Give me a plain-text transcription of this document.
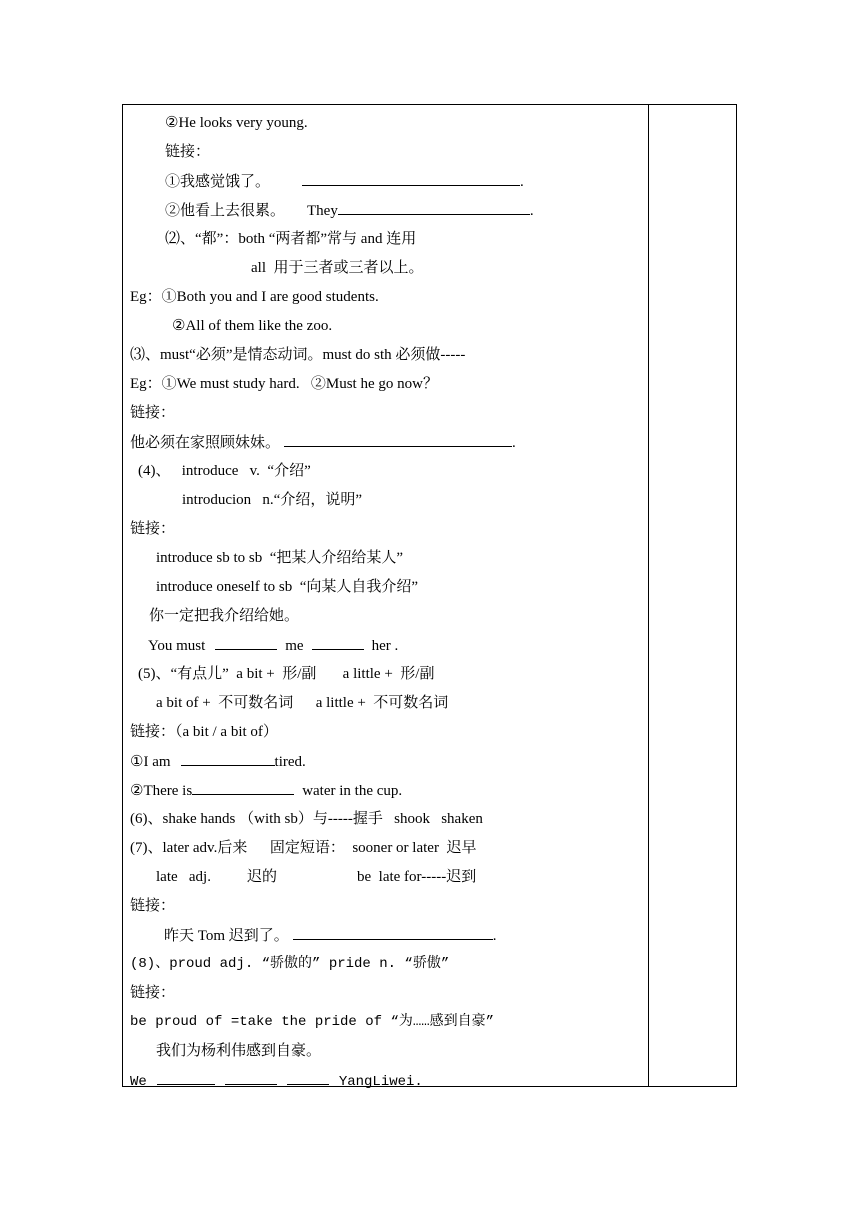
②He looks very young.
链接：
①我感觉饿了。	.
②他看上去很累。 They	.
⑵、“都”：both “两者都”常与 and 连用
all  用于三者或三者以上。
Eg：①Both you and I are good students.
②All of them like the zoo.
⑶、must“必须”是情态动词。must do sth 必须做-----
Eg：①We must study hard.   ②Must he go now？
链接：
他必须在家照顾妹妹。	.
(4)、   introduce   v.  “介绍”
introducion   n.“介绍，说明”
链接：
introduce sb to sb  “把某人介绍给某人”
introduce oneself to sb  “向某人自我介绍”
你一定把我介绍给她。
You must	me	her .
(5)、“有点儿”  a bit +  形/副       a little +  形/副
a bit of +  不可数名词      a little +  不可数名词
链接：（a bit / a bit of）
①I am	tired.
②There is	water in the cup.
(6)、shake hands （with sb）与-----握手   shook   shaken
(7)、later adv.后来      固定短语：  sooner or later  迟早
late   adj. 迟的	be  late for-----迟到
链接：
昨天 Tom 迟到了。	.
(8)、proud adj. “骄傲的” pride n. “骄傲”
链接：
be proud of =take the pride of “为……感到自豪”
我们为杨利伟感到自豪。
We	YangLiwei.
